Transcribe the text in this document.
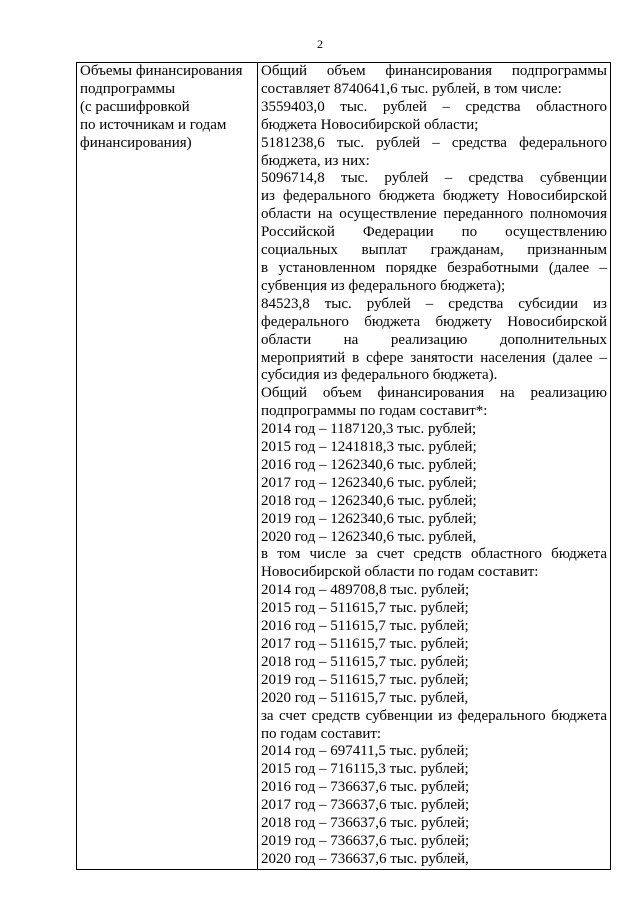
2
Объемы финансирования
подпрограммы
(с расшифровкой
по источникам и годам
финансирования)

Общий объем финансирования подпрограммы
составляет 8740641,6 тыс. рублей, в том числе:
3559403,0 тыс. рублей – средства областного
бюджета Новосибирской области;
5181238,6 тыс. рублей – средства федерального
бюджета, из них:
5096714,8 тыс. рублей – средства субвенции
из федерального бюджета бюджету Новосибирской
области на осуществление переданного полномочия
Российской Федерации по осуществлению
социальных выплат гражданам, признанным
в установленном порядке безработными (далее –
субвенция из федерального бюджета);
84523,8 тыс. рублей – средства субсидии из
федерального бюджета бюджету Новосибирской
области на реализацию дополнительных
мероприятий в сфере занятости населения (далее –
субсидия из федерального бюджета).
Общий объем финансирования на реализацию
подпрограммы по годам составит*:
2014 год – 1187120,3 тыс. рублей;
2015 год – 1241818,3 тыс. рублей;
2016 год – 1262340,6 тыс. рублей;
2017 год – 1262340,6 тыс. рублей;
2018 год – 1262340,6 тыс. рублей;
2019 год – 1262340,6 тыс. рублей;
2020 год – 1262340,6 тыс. рублей,
в том числе за счет средств областного бюджета
Новосибирской области по годам составит:
2014 год – 489708,8 тыс. рублей;
2015 год – 511615,7 тыс. рублей;
2016 год – 511615,7 тыс. рублей;
2017 год – 511615,7 тыс. рублей;
2018 год – 511615,7 тыс. рублей;
2019 год – 511615,7 тыс. рублей;
2020 год – 511615,7 тыс. рублей,
за счет средств субвенции из федерального бюджета
по годам составит:
2014 год – 697411,5 тыс. рублей;
2015 год – 716115,3 тыс. рублей;
2016 год – 736637,6 тыс. рублей;
2017 год – 736637,6 тыс. рублей;
2018 год – 736637,6 тыс. рублей;
2019 год – 736637,6 тыс. рублей;
2020 год – 736637,6 тыс. рублей,
